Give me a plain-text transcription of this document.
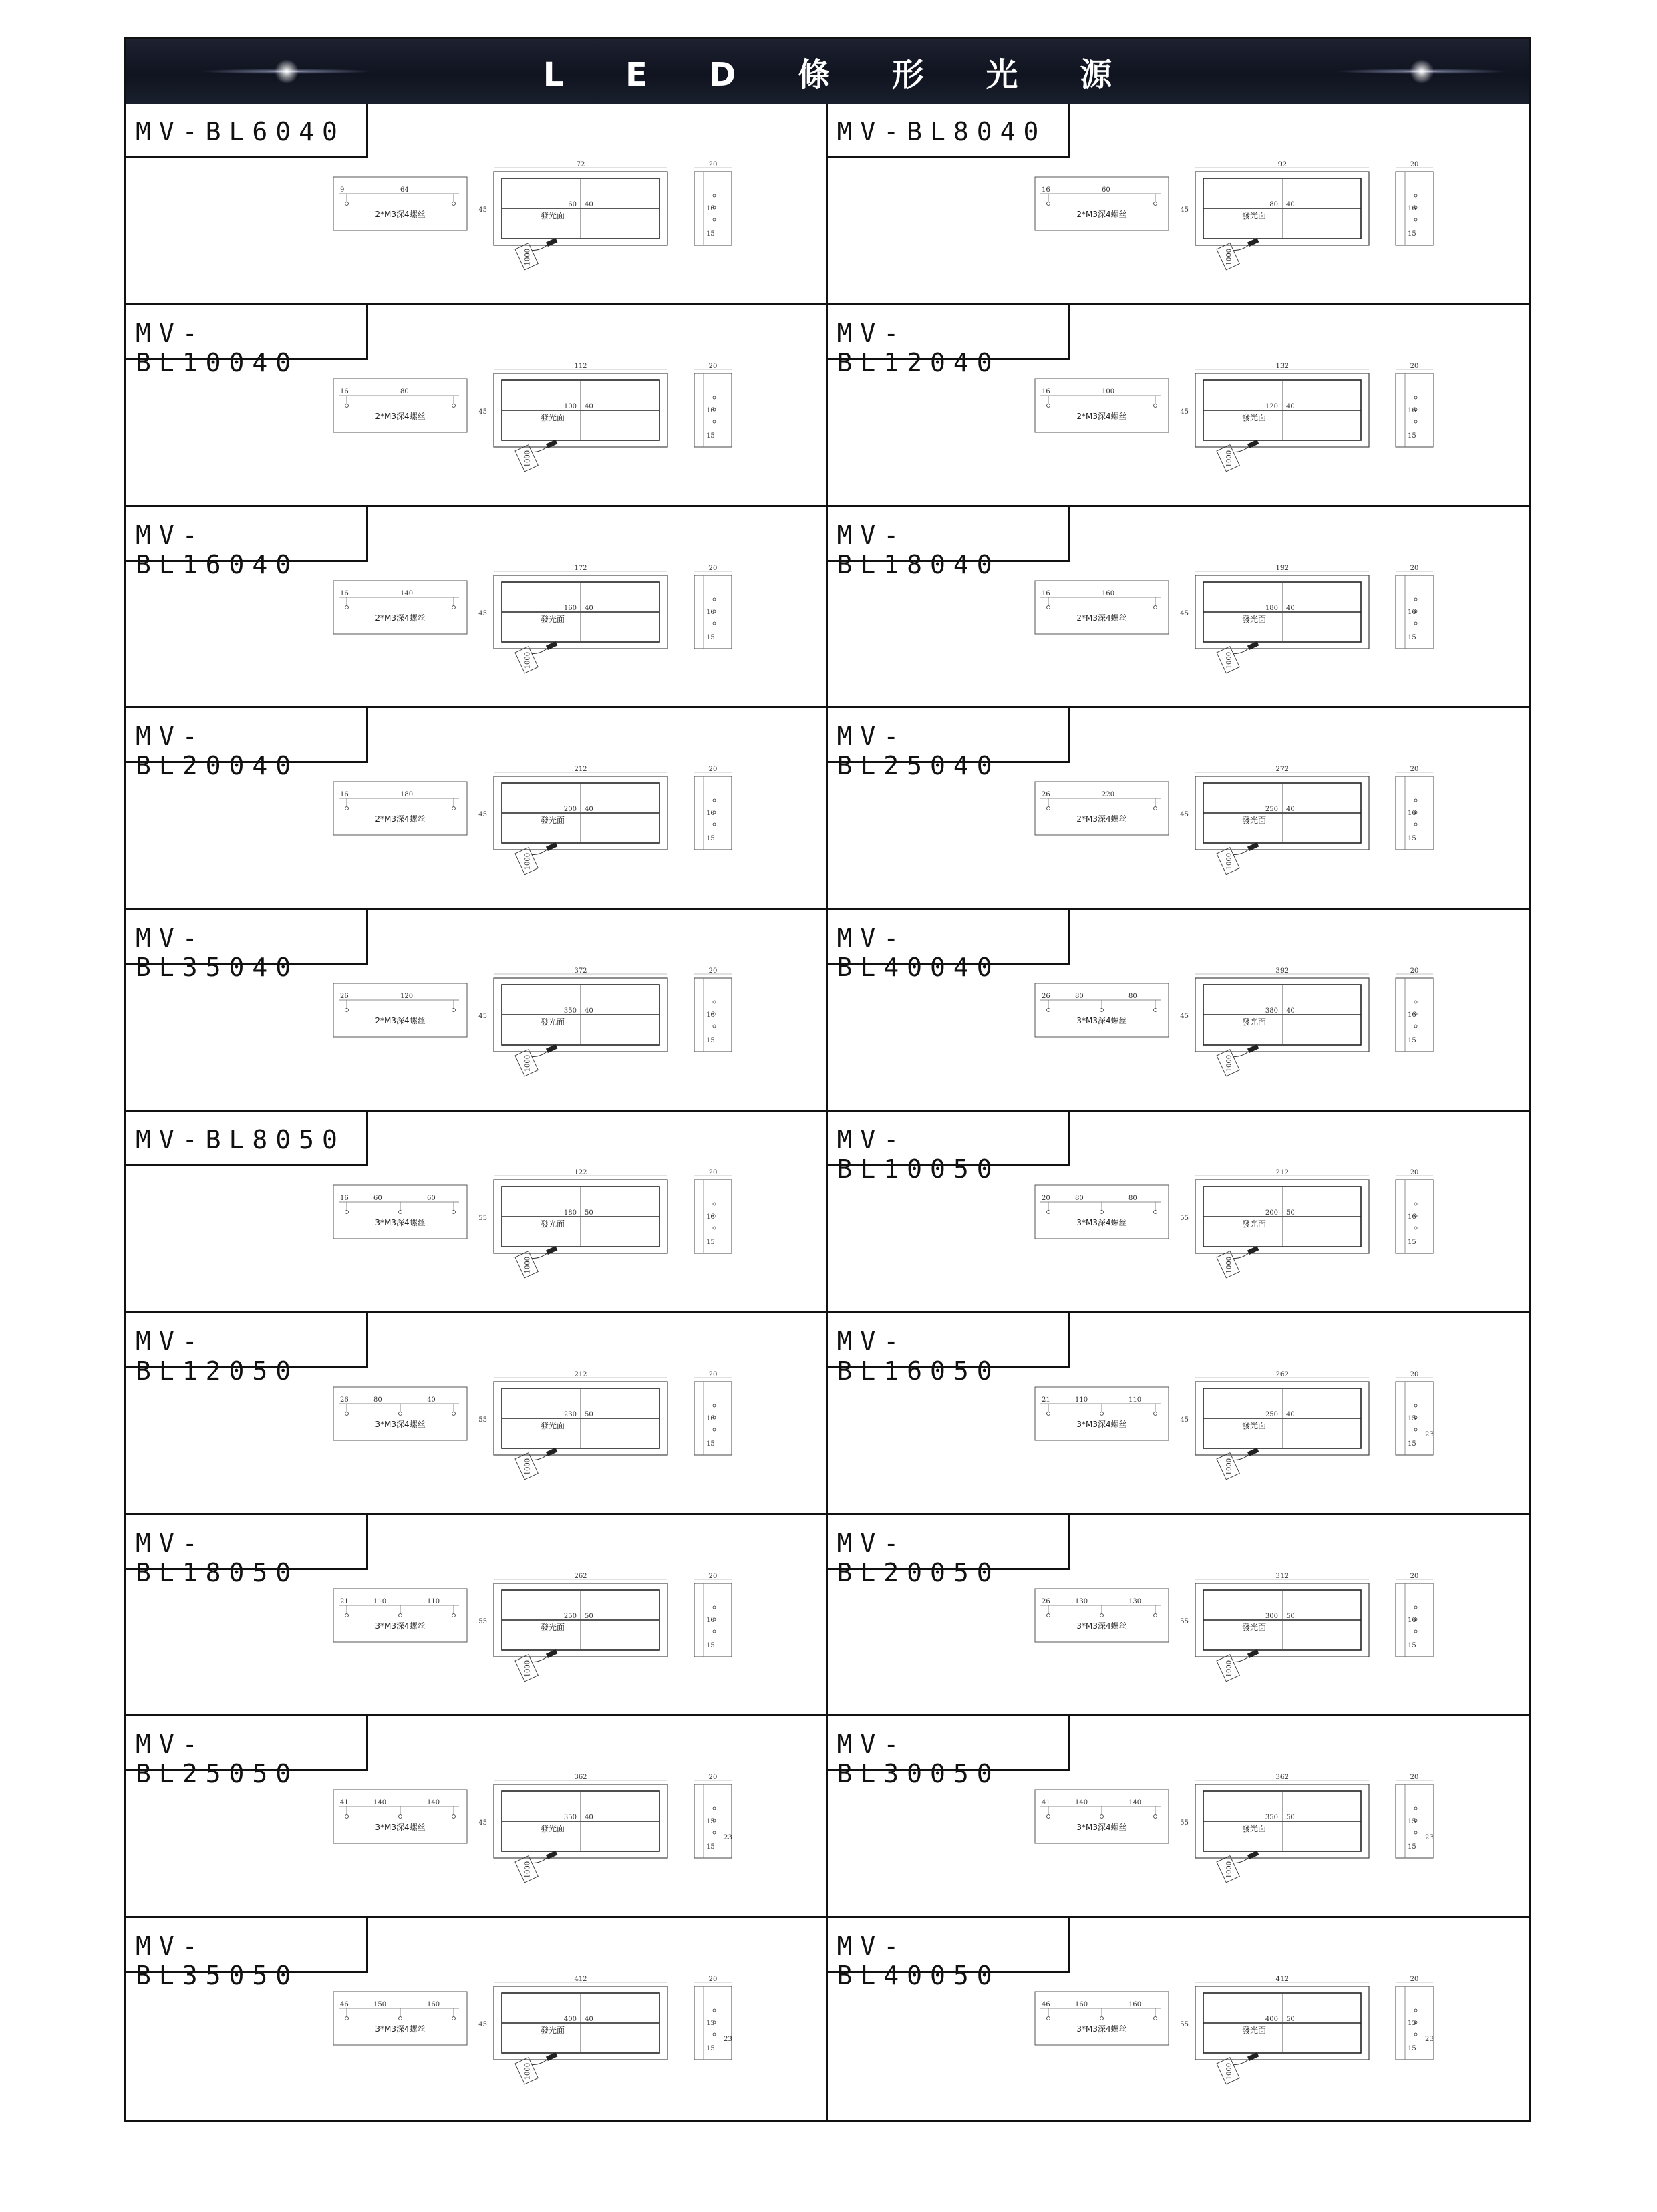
L E D 條 形 光 源
MV-BL6040
9	64
2*M3深4螺丝
72
60 40
45
發光面
1000
20
16
15
MV-BL8040
16	60
2*M3深4螺丝
92
80 40
45
發光面
1000
20
16
15
MV-BL10040
16	80
2*M3深4螺丝
112
100 40
45
發光面
1000
20
16
15
MV-BL12040
16	100
2*M3深4螺丝
132
120 40
45
發光面
1000
20
16
15
MV-BL16040
16	140
2*M3深4螺丝
172
160 40
45
發光面
1000
20
16
15
MV-BL18040
16	160
2*M3深4螺丝
192
180 40
45
發光面
1000
20
16
15
MV-BL20040
16	180
2*M3深4螺丝
212
200 40
45
發光面
1000
20
16
15
MV-BL25040
26	220
2*M3深4螺丝
272
250 40
45
發光面
1000
20
16
15
MV-BL35040
26	120
2*M3深4螺丝
372
350 40
45
發光面
1000
20
16
15
MV-BL40040
26	80	80
3*M3深4螺丝
392
380 40
45
發光面
1000
20
16
15
MV-BL8050
16	60	60
3*M3深4螺丝
122
180 50
55
發光面
1000
20
16
15
MV-BL10050
20	80	80
3*M3深4螺丝
212
200 50
55
發光面
1000
20
16
15
MV-BL12050
26	80	40
3*M3深4螺丝
212
230 50
55
發光面
1000
20
16
15
MV-BL16050
21	110	110
3*M3深4螺丝
262
250 40
45
發光面
1000
20
15
15
23
MV-BL18050
21	110	110
3*M3深4螺丝
262
250 50
55
發光面
1000
20
16
15
MV-BL20050
26	130	130
3*M3深4螺丝
312
300 50
55
發光面
1000
20
16
15
MV-BL25050
41	140	140
3*M3深4螺丝
362
350 40
45
發光面
1000
20
15
15
23
MV-BL30050
41	140	140
3*M3深4螺丝
362
350 50
55
發光面
1000
20
15
15
23
MV-BL35050
46	150	160
3*M3深4螺丝
412
400 40
45
發光面
1000
20
15
15
23
MV-BL40050
46	160	160
3*M3深4螺丝
412
400 50
55
發光面
1000
20
15
15
23
